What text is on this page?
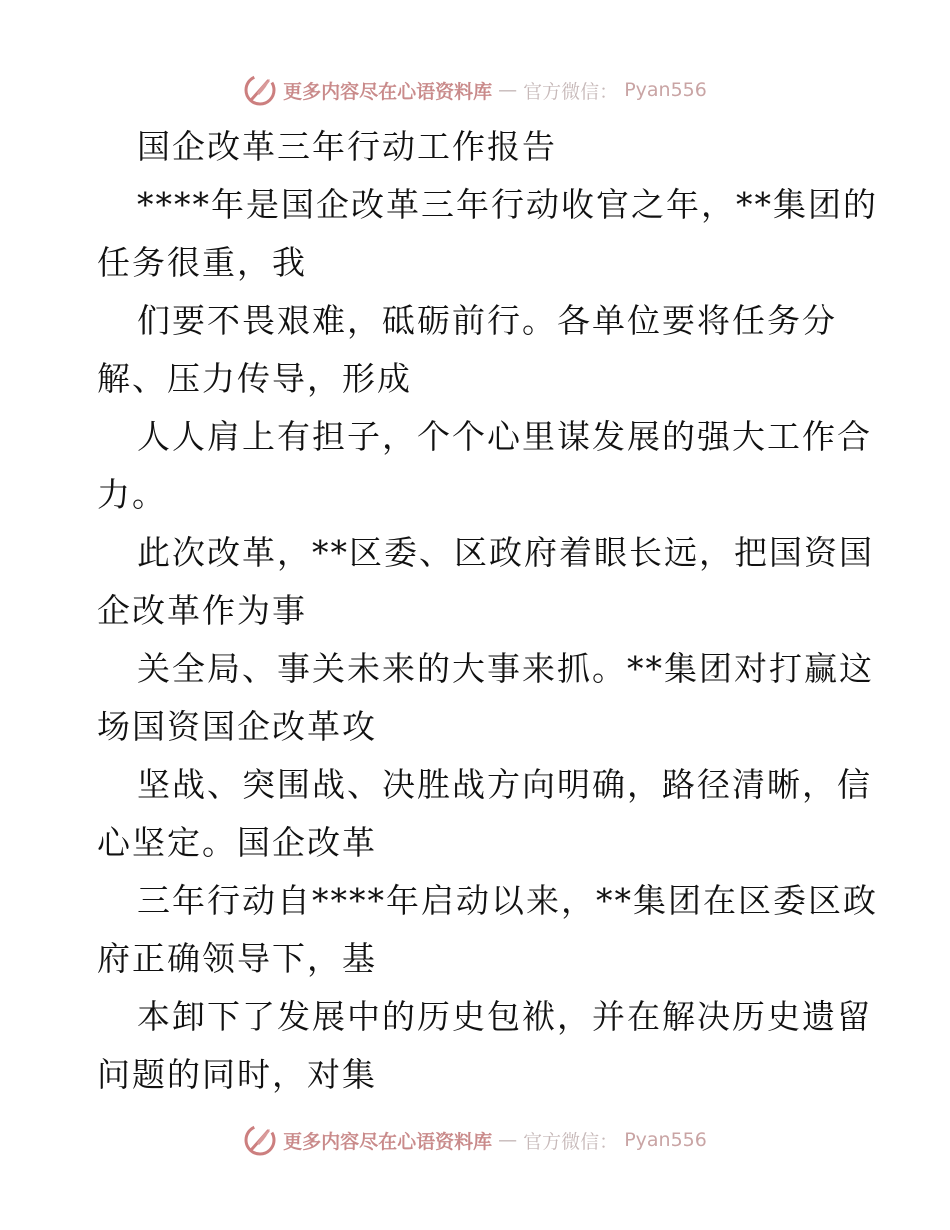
更多内容尽在心语资料库 — 官方微信： Pyan556
国企改革三年行动工作报告
****年是国企改革三年行动收官之年，**集团的
任务很重，我
们要不畏艰难，砥砺前行。各单位要将任务分
解、压力传导，形成
人人肩上有担子，个个心里谋发展的强大工作合
力。
此次改革，**区委、区政府着眼长远，把国资国
企改革作为事
关全局、事关未来的大事来抓。**集团对打赢这
场国资国企改革攻
坚战、突围战、决胜战方向明确，路径清晰，信
心坚定。国企改革
三年行动自****年启动以来，**集团在区委区政
府正确领导下，基
本卸下了发展中的历史包袱，并在解决历史遗留
问题的同时，对集
更多内容尽在心语资料库 — 官方微信： Pyan556
